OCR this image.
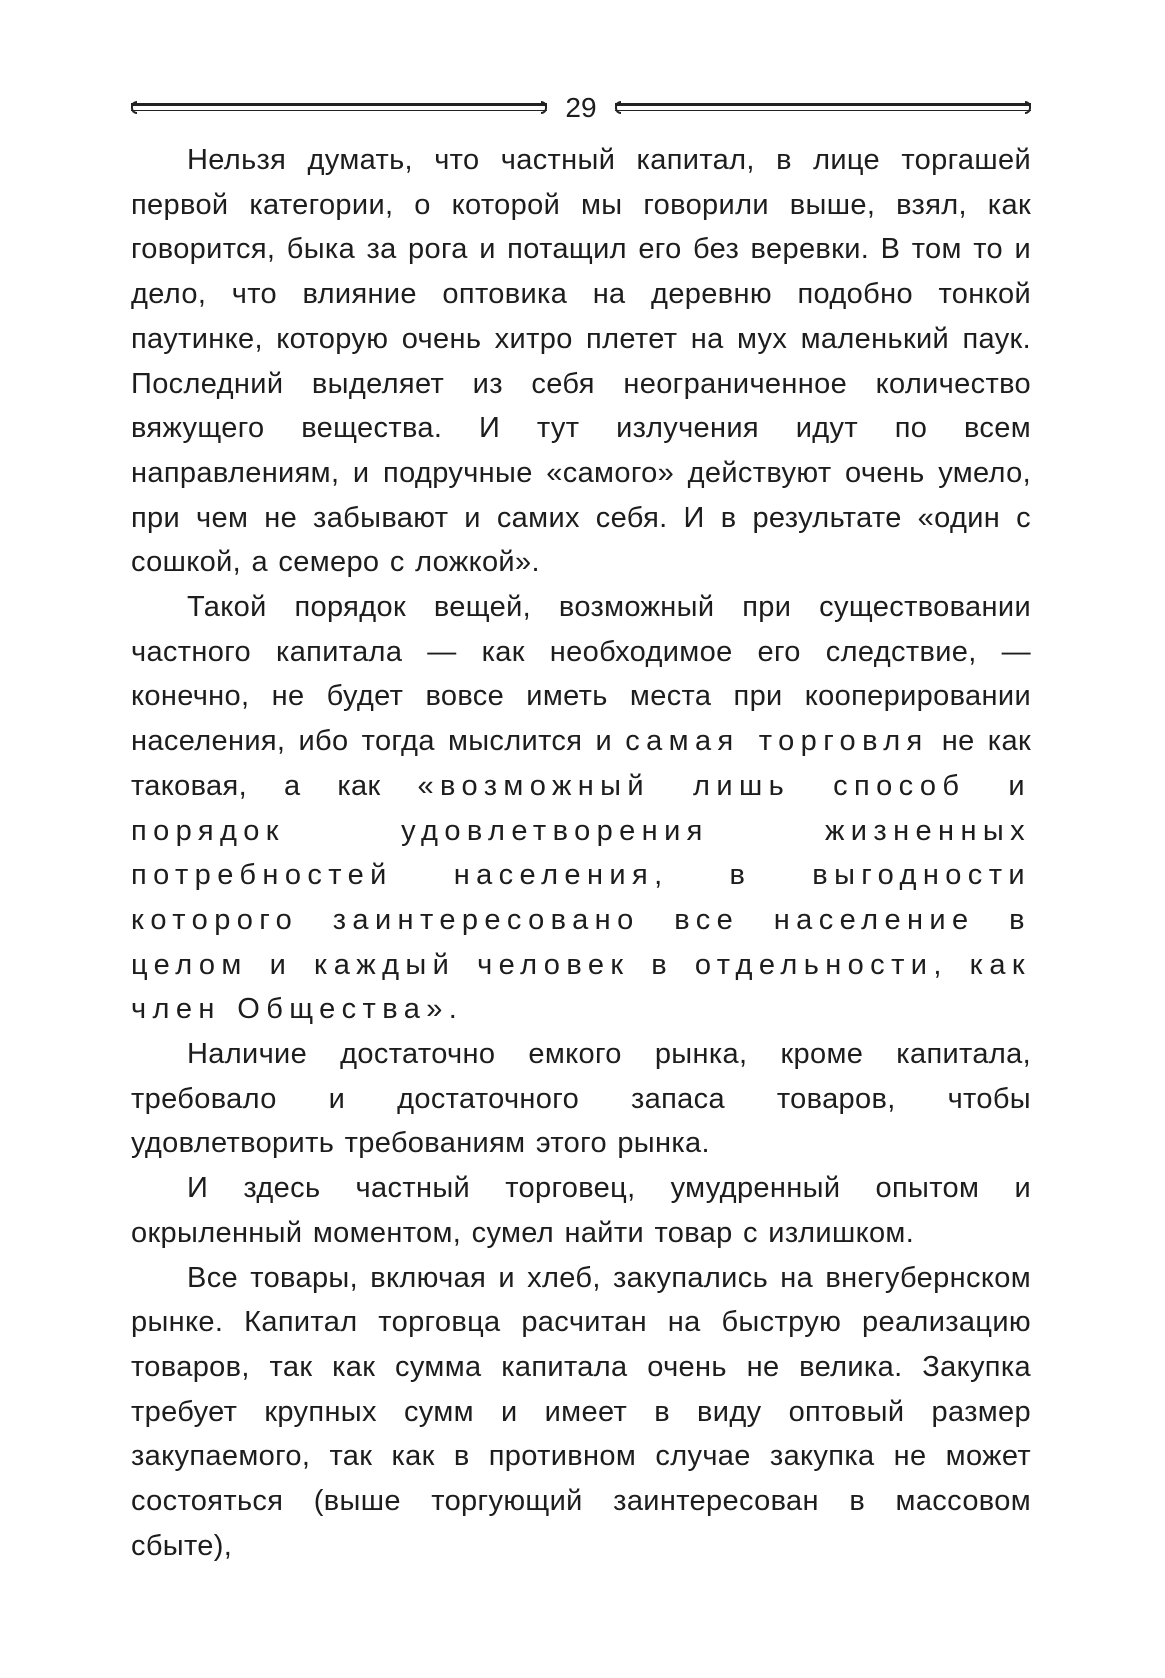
29

Нельзя думать, что частный капитал, в лице торгашей первой категории, о которой мы говорили выше, взял, как говорится, быка за рога и потащил его без веревки. В том то и дело, что влияние оптовика на деревню подобно тонкой паутинке, которую очень хитро плетет на мух маленький паук. Последний выделяет из себя неограниченное количество вяжущего вещества. И тут излучения идут по всем направлениям, и подручные «самого» действуют очень умело, при чем не забывают и самих себя. И в результате «один с сошкой, а семеро с ложкой».

Такой порядок вещей, возможный при существовании частного капитала — как необходимое его следствие, — конечно, не будет вовсе иметь места при кооперировании населения, ибо тогда мыслится и самая торговля не как таковая, а как «возможный лишь способ и порядок удовлетворения жизненных потребностей населения, в выгодности которого заинтересовано все население в целом и каждый человек в отдельности, как член Общества».

Наличие достаточно емкого рынка, кроме капитала, требовало и достаточного запаса товаров, чтобы удовлетворить требованиям этого рынка.

И здесь частный торговец, умудренный опытом и окрыленный моментом, сумел найти товар с излишком.

Все товары, включая и хлеб, закупались на внегубернском рынке. Капитал торговца расчитан на быструю реализацию товаров, так как сумма капитала очень не велика. Закупка требует крупных сумм и имеет в виду оптовый размер закупаемого, так как в противном случае закупка не может состояться (выше торгующий заинтересован в массовом сбыте),
